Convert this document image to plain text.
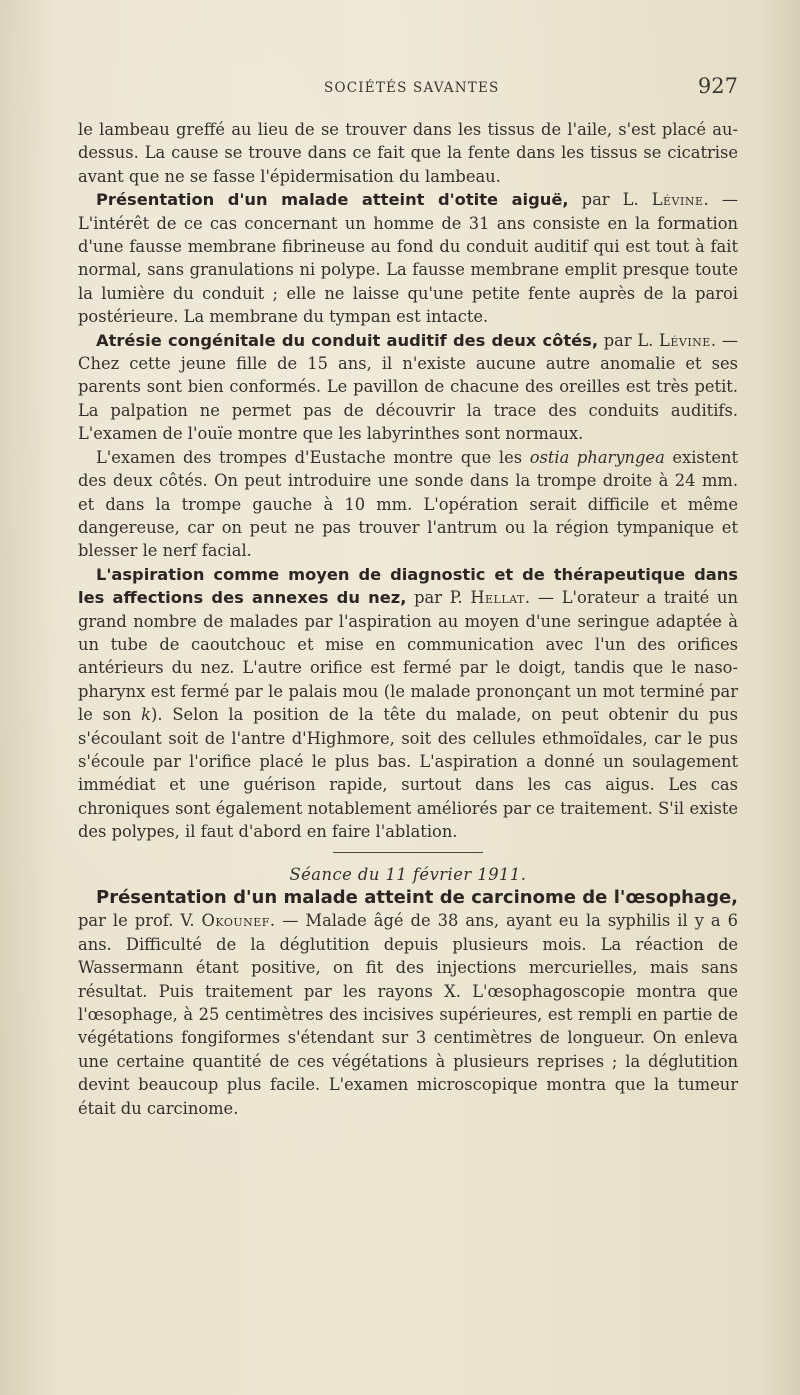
SOCIÉTÉS SAVANTES	927

le lambeau greffé au lieu de se trouver dans les tissus de l'aile, s'est placé au-dessus. La cause se trouve dans ce fait que la fente dans les tissus se cicatrise avant que ne se fasse l'épidermisation du lambeau.

Présentation d'un malade atteint d'otite aiguë, par L. Lévine. — L'intérêt de ce cas concernant un homme de 31 ans consiste en la formation d'une fausse membrane fibrineuse au fond du conduit auditif qui est tout à fait normal, sans granulations ni polype. La fausse membrane emplit presque toute la lumière du conduit ; elle ne laisse qu'une petite fente auprès de la paroi postérieure. La membrane du tympan est intacte.

Atrésie congénitale du conduit auditif des deux côtés, par L. Lévine. — Chez cette jeune fille de 15 ans, il n'existe aucune autre anomalie et ses parents sont bien conformés. Le pavillon de chacune des oreilles est très petit. La palpation ne permet pas de découvrir la trace des conduits auditifs. L'examen de l'ouïe montre que les labyrinthes sont normaux.

L'examen des trompes d'Eustache montre que les ostia pharyngea existent des deux côtés. On peut introduire une sonde dans la trompe droite à 24 mm. et dans la trompe gauche à 10 mm. L'opération serait difficile et même dangereuse, car on peut ne pas trouver l'antrum ou la région tympanique et blesser le nerf facial.

L'aspiration comme moyen de diagnostic et de thérapeutique dans les affections des annexes du nez, par P. Hellat. — L'orateur a traité un grand nombre de malades par l'aspiration au moyen d'une seringue adaptée à un tube de caoutchouc et mise en communication avec l'un des orifices antérieurs du nez. L'autre orifice est fermé par le doigt, tandis que le naso-pharynx est fermé par le palais mou (le malade prononçant un mot terminé par le son k). Selon la position de la tête du malade, on peut obtenir du pus s'écoulant soit de l'antre d'Highmore, soit des cellules ethmoïdales, car le pus s'écoule par l'orifice placé le plus bas. L'aspiration a donné un soulagement immédiat et une guérison rapide, surtout dans les cas aigus. Les cas chroniques sont également notablement améliorés par ce traitement. S'il existe des polypes, il faut d'abord en faire l'ablation.

Séance du 11 février 1911.

Présentation d'un malade atteint de carcinome de l'œsophage, par le prof. V. Okounef. — Malade âgé de 38 ans, ayant eu la syphilis il y a 6 ans. Difficulté de la déglutition depuis plusieurs mois. La réaction de Wassermann étant positive, on fit des injections mercurielles, mais sans résultat. Puis traitement par les rayons X. L'œsophagoscopie montra que l'œsophage, à 25 centimètres des incisives supérieures, est rempli en partie de végétations fongiformes s'étendant sur 3 centimètres de longueur. On enleva une certaine quantité de ces végétations à plusieurs reprises ; la déglutition devint beaucoup plus facile. L'examen microscopique montra que la tumeur était du carcinome.
